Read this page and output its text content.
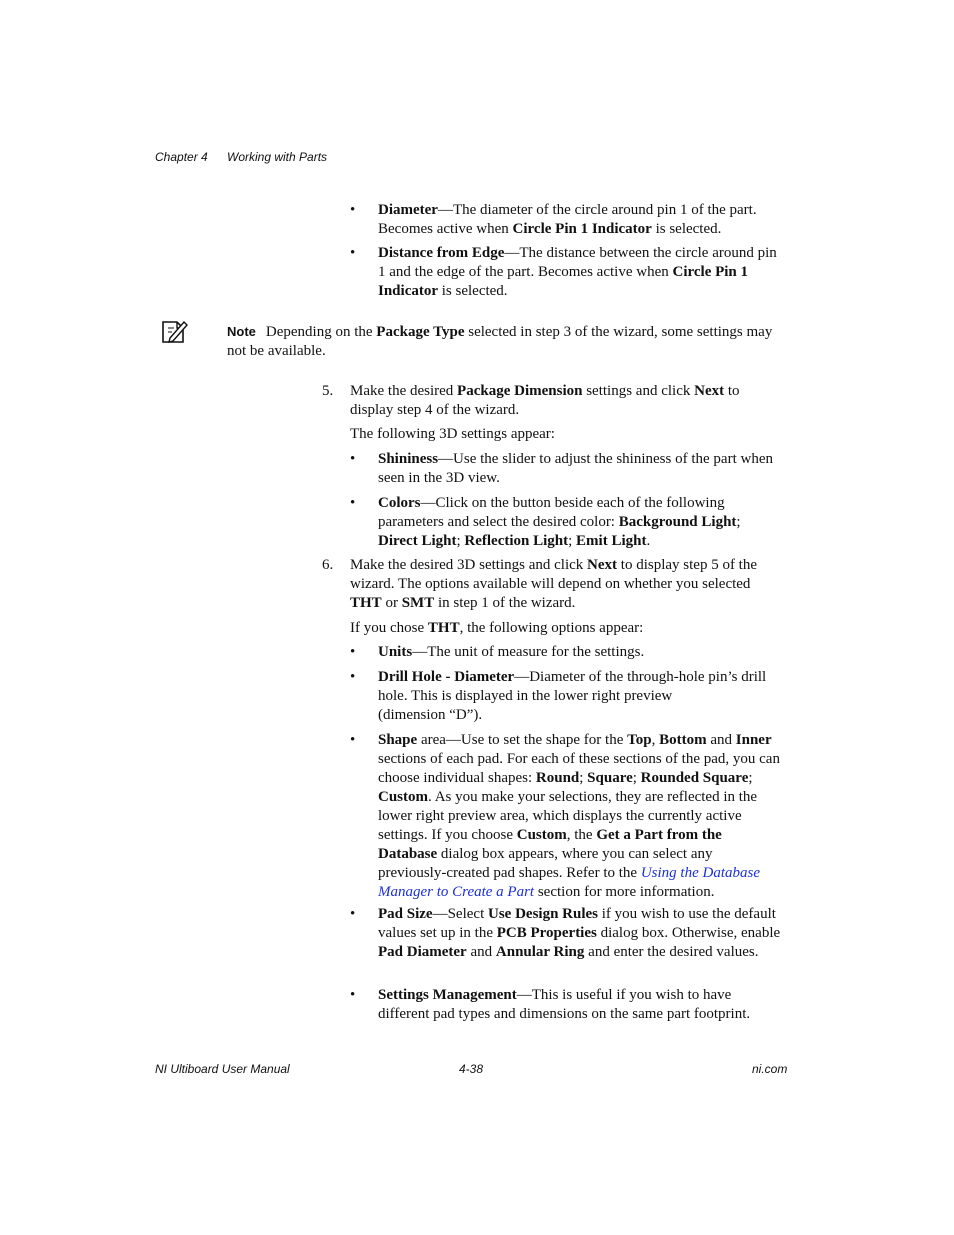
Chapter 4 Working with Parts
• Diameter—The diameter of the circle around pin 1 of the part. Becomes active when Circle Pin 1 Indicator is selected.
• Distance from Edge—The distance between the circle around pin 1 and the edge of the part. Becomes active when Circle Pin 1 Indicator is selected.
Note Depending on the Package Type selected in step 3 of the wizard, some settings may not be available.
5. Make the desired Package Dimension settings and click Next to display step 4 of the wizard.
The following 3D settings appear:
• Shininess—Use the slider to adjust the shininess of the part when seen in the 3D view.
• Colors—Click on the button beside each of the following parameters and select the desired color: Background Light; Direct Light; Reflection Light; Emit Light.
6. Make the desired 3D settings and click Next to display step 5 of the wizard. The options available will depend on whether you selected THT or SMT in step 1 of the wizard.
If you chose THT, the following options appear:
• Units—The unit of measure for the settings.
• Drill Hole - Diameter—Diameter of the through-hole pin’s drill hole. This is displayed in the lower right preview
(dimension “D”).
• Shape area—Use to set the shape for the Top, Bottom and Inner sections of each pad. For each of these sections of the pad, you can choose individual shapes: Round; Square; Rounded Square; Custom. As you make your selections, they are reflected in the lower right preview area, which displays the currently active settings. If you choose Custom, the Get a Part from the Database dialog box appears, where you can select any previously-created pad shapes. Refer to the Using the Database Manager to Create a Part section for more information.
• Pad Size—Select Use Design Rules if you wish to use the default values set up in the PCB Properties dialog box. Otherwise, enable Pad Diameter and Annular Ring and enter the desired values.
• Settings Management—This is useful if you wish to have different pad types and dimensions on the same part footprint.
NI Ultiboard User Manual	4-38	ni.com
